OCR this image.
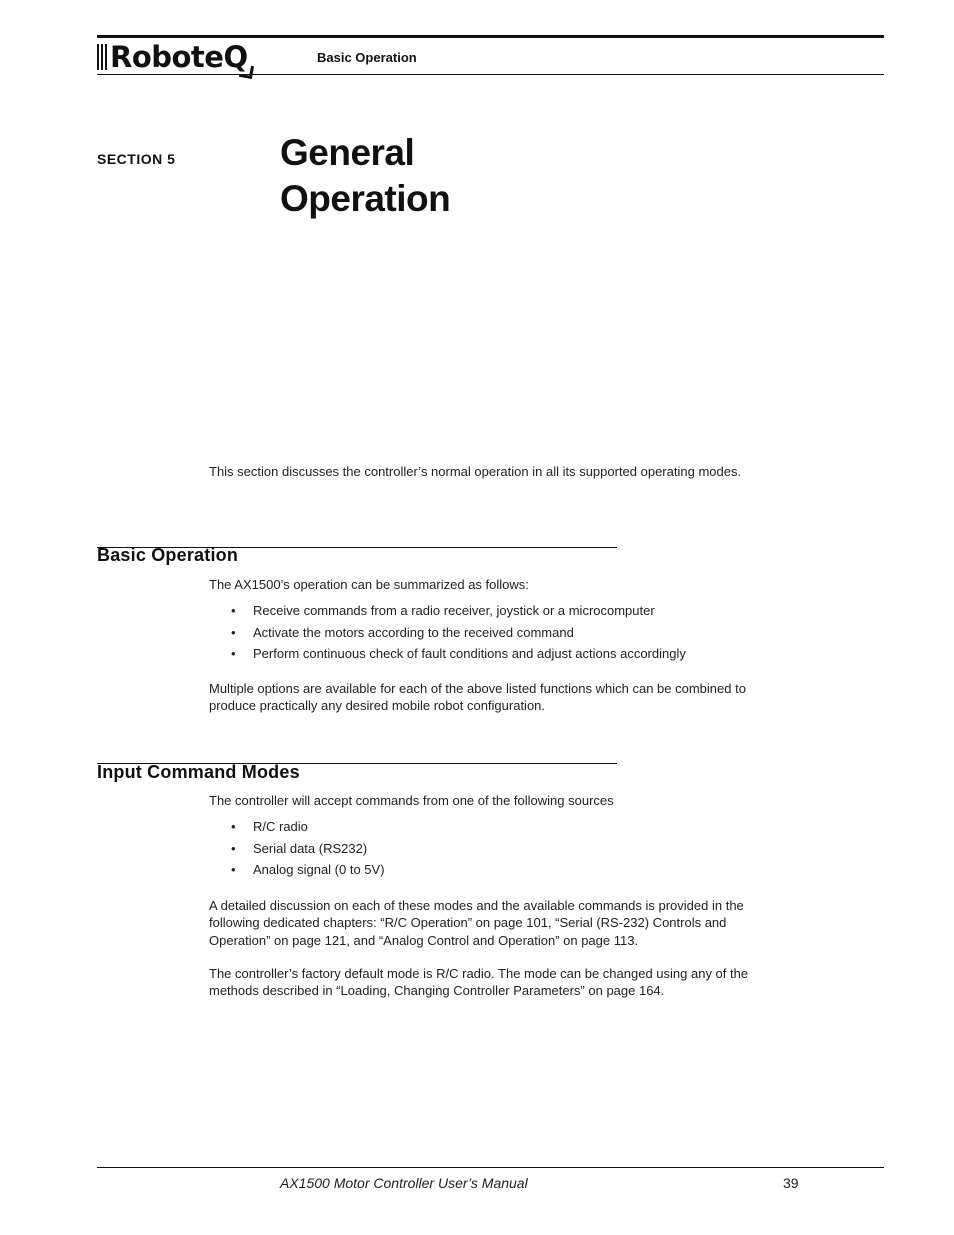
RoboteQ	Basic Operation
SECTION 5	General
Operation

This section discusses the controller’s normal operation in all its supported operating modes.

Basic Operation

The AX1500’s operation can be summarized as follows:

• Receive commands from a radio receiver, joystick or a microcomputer
• Activate the motors according to the received command
• Perform continuous check of fault conditions and adjust actions accordingly

Multiple options are available for each of the above listed functions which can be combined to produce practically any desired mobile robot configuration.

Input Command Modes

The controller will accept commands from one of the following sources

• R/C radio
• Serial data (RS232)
• Analog signal (0 to 5V)

A detailed discussion on each of these modes and the available commands is provided in the following dedicated chapters: “R/C Operation” on page 101, “Serial (RS-232) Controls and Operation” on page 121, and “Analog Control and Operation” on page 113.

The controller’s factory default mode is R/C radio. The mode can be changed using any of the methods described in “Loading, Changing Controller Parameters” on page 164.

AX1500 Motor Controller User’s Manual	39
